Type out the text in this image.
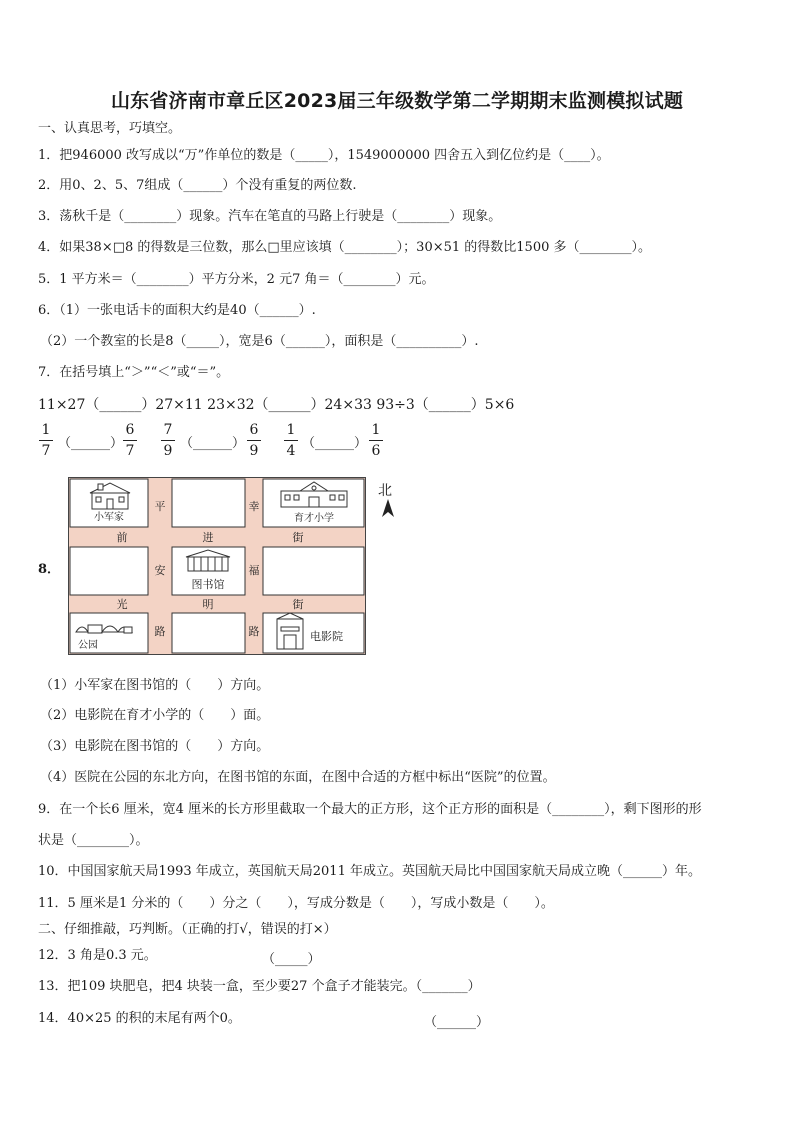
山东省济南市章丘区2023届三年级数学第二学期期末监测模拟试题
一、认真思考，巧填空。
1．把946000 改写成以“万”作单位的数是（_____），1549000000 四舍五入到亿位约是（____）。
2．用0、2、5、7组成（______）个没有重复的两位数.
3．荡秋千是（________）现象。汽车在笔直的马路上行驶是（________）现象。
4．如果38×□8 的得数是三位数，那么□里应该填（________）；30×51 的得数比1500 多（________）。
5．1 平方米＝（________）平方分米，2 元7 角＝（________）元。
6．（1）一张电话卡的面积大约是40（______）.
（2）一个教室的长是8（_____），宽是6（______），面积是（__________）.
7．在括号填上“＞”“＜”或“＝”。
11×27（______）27×11 23×32（______）24×33 93÷3（______）5×6
1
7 （______）
6
7
7
9 （______）
6
9
1
4 （______）
1
6
8．
小军家	育才小学
图书馆
公园
电影院
前	进	街
光	明	街
平
安
路
幸
福
路
北
（1）小军家在图书馆的（　　）方向。
（2）电影院在育才小学的（　　）面。
（3）电影院在图书馆的（　　）方向。
（4）医院在公园的东北方向，在图书馆的东面，在图中合适的方框中标出“医院”的位置。
9．在一个长6 厘米，宽4 厘米的长方形里截取一个最大的正方形，这个正方形的面积是（________），剩下图形的形
状是（________）。
10．中国国家航天局1993 年成立，英国航天局2011 年成立。英国航天局比中国国家航天局成立晚（______）年。
11．5 厘米是1 分米的（　　）分之（　　），写成分数是（　　），写成小数是（　　）。
二、仔细推敲，巧判断。（正确的打√，错误的打×）
12．3 角是0.3 元。	（_____）
13．把109 块肥皂，把4 块装一盒，至少要27 个盒子才能装完。（_______）
14．40×25 的积的末尾有两个0。	（______）
